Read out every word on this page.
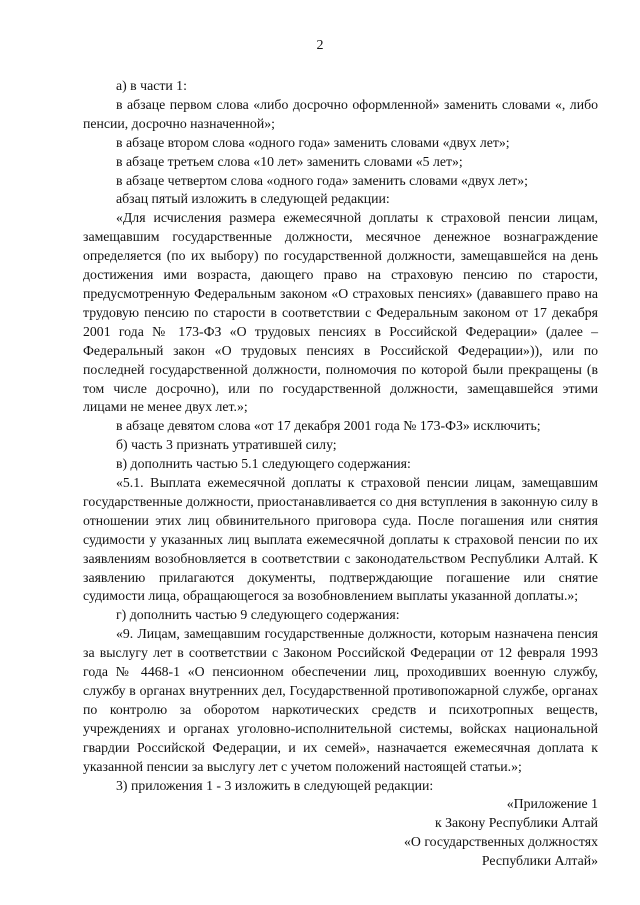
2

а) в части 1:

в абзаце первом слова «либо досрочно оформленной» заменить словами «, либо пенсии, досрочно назначенной»;

в абзаце втором слова «одного года» заменить словами «двух лет»;

в абзаце третьем слова «10 лет» заменить словами «5 лет»;

в абзаце четвертом слова «одного года» заменить словами «двух лет»;

абзац пятый изложить в следующей редакции:

«Для исчисления размера ежемесячной доплаты к страховой пенсии лицам, замещавшим государственные должности, месячное денежное вознаграждение определяется (по их выбору) по государственной должности, замещавшейся на день достижения ими возраста, дающего право на страховую пенсию по старости, предусмотренную Федеральным законом «О страховых пенсиях» (дававшего право на трудовую пенсию по старости в соответствии с Федеральным законом от 17 декабря 2001 года № 173-ФЗ «О трудовых пенсиях в Российской Федерации» (далее – Федеральный закон «О трудовых пенсиях в Российской Федерации»)), или по последней государственной должности, полномочия по которой были прекращены (в том числе досрочно), или по государственной должности, замещавшейся этими лицами не менее двух лет.»;

в абзаце девятом слова «от 17 декабря 2001 года № 173-ФЗ» исключить;

б) часть 3 признать утратившей силу;

в) дополнить частью 5.1 следующего содержания:

«5.1. Выплата ежемесячной доплаты к страховой пенсии лицам, замещавшим государственные должности, приостанавливается со дня вступления в законную силу в отношении этих лиц обвинительного приговора суда. После погашения или снятия судимости у указанных лиц выплата ежемесячной доплаты к страховой пенсии по их заявлениям возобновляется в соответствии с законодательством Республики Алтай. К заявлению прилагаются документы, подтверждающие погашение или снятие судимости лица, обращающегося за возобновлением выплаты указанной доплаты.»;

г) дополнить частью 9 следующего содержания:

«9. Лицам, замещавшим государственные должности, которым назначена пенсия за выслугу лет в соответствии с Законом Российской Федерации от 12 февраля 1993 года № 4468-1 «О пенсионном обеспечении лиц, проходивших военную службу, службу в органах внутренних дел, Государственной противопожарной службе, органах по контролю за оборотом наркотических средств и психотропных веществ, учреждениях и органах уголовно-исполнительной системы, войсках национальной гвардии Российской Федерации, и их семей», назначается ежемесячная доплата к указанной пенсии за выслугу лет с учетом положений настоящей статьи.»;

3) приложения 1 - 3 изложить в следующей редакции:

«Приложение 1

к Закону Республики Алтай

«О государственных должностях

Республики Алтай»
